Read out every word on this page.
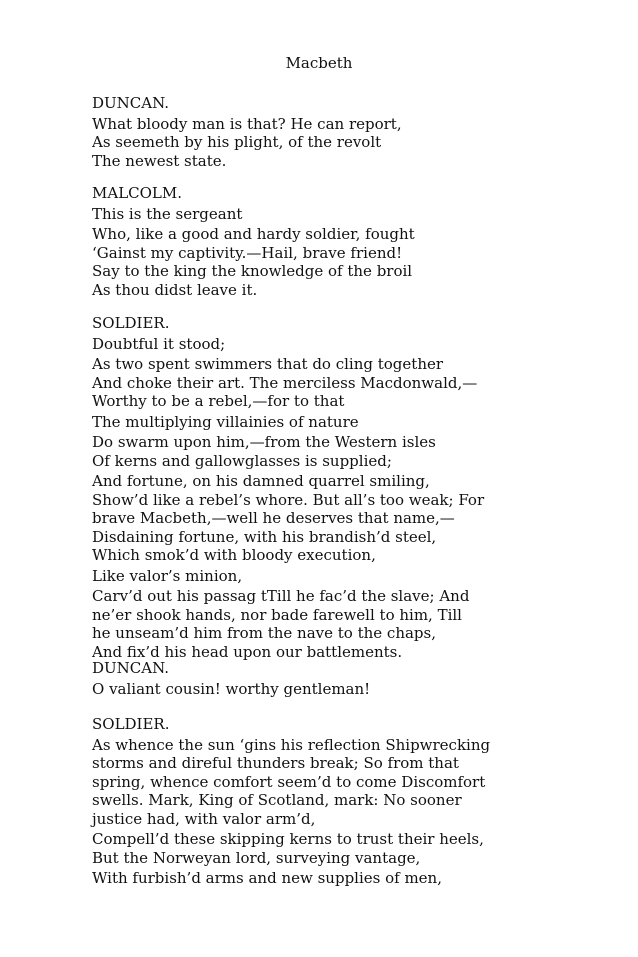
Macbeth
DUNCAN.
What bloody man is that? He can report,
As seemeth by his plight, of the revolt
The newest state.
MALCOLM.
This is the sergeant
Who, like a good and hardy soldier, fought
‘Gainst my captivity.—Hail, brave friend!
Say to the king the knowledge of the broil
As thou didst leave it.
SOLDIER.
Doubtful it stood;
As two spent swimmers that do cling together
And choke their art. The merciless Macdonwald,—
Worthy to be a rebel,—for to that
The multiplying villainies of nature
Do swarm upon him,—from the Western isles
Of kerns and gallowglasses is supplied;
And fortune, on his damned quarrel smiling,
Show’d like a rebel’s whore. But all’s too weak; For
brave Macbeth,—well he deserves that name,—
Disdaining fortune, with his brandish’d steel,
Which smok’d with bloody execution,
Like valor’s minion,
Carv’d out his passag tTill he fac’d the slave; And
ne’er shook hands, nor bade farewell to him, Till
he unseam’d him from the nave to the chaps,
And fix’d his head upon our battlements.
DUNCAN.
O valiant cousin! worthy gentleman!
SOLDIER.
As whence the sun ‘gins his reflection Shipwrecking
storms and direful thunders break; So from that
spring, whence comfort seem’d to come Discomfort
swells. Mark, King of Scotland, mark: No sooner
justice had, with valor arm’d,
Compell’d these skipping kerns to trust their heels,
But the Norweyan lord, surveying vantage,
With furbish’d arms and new supplies of men,
